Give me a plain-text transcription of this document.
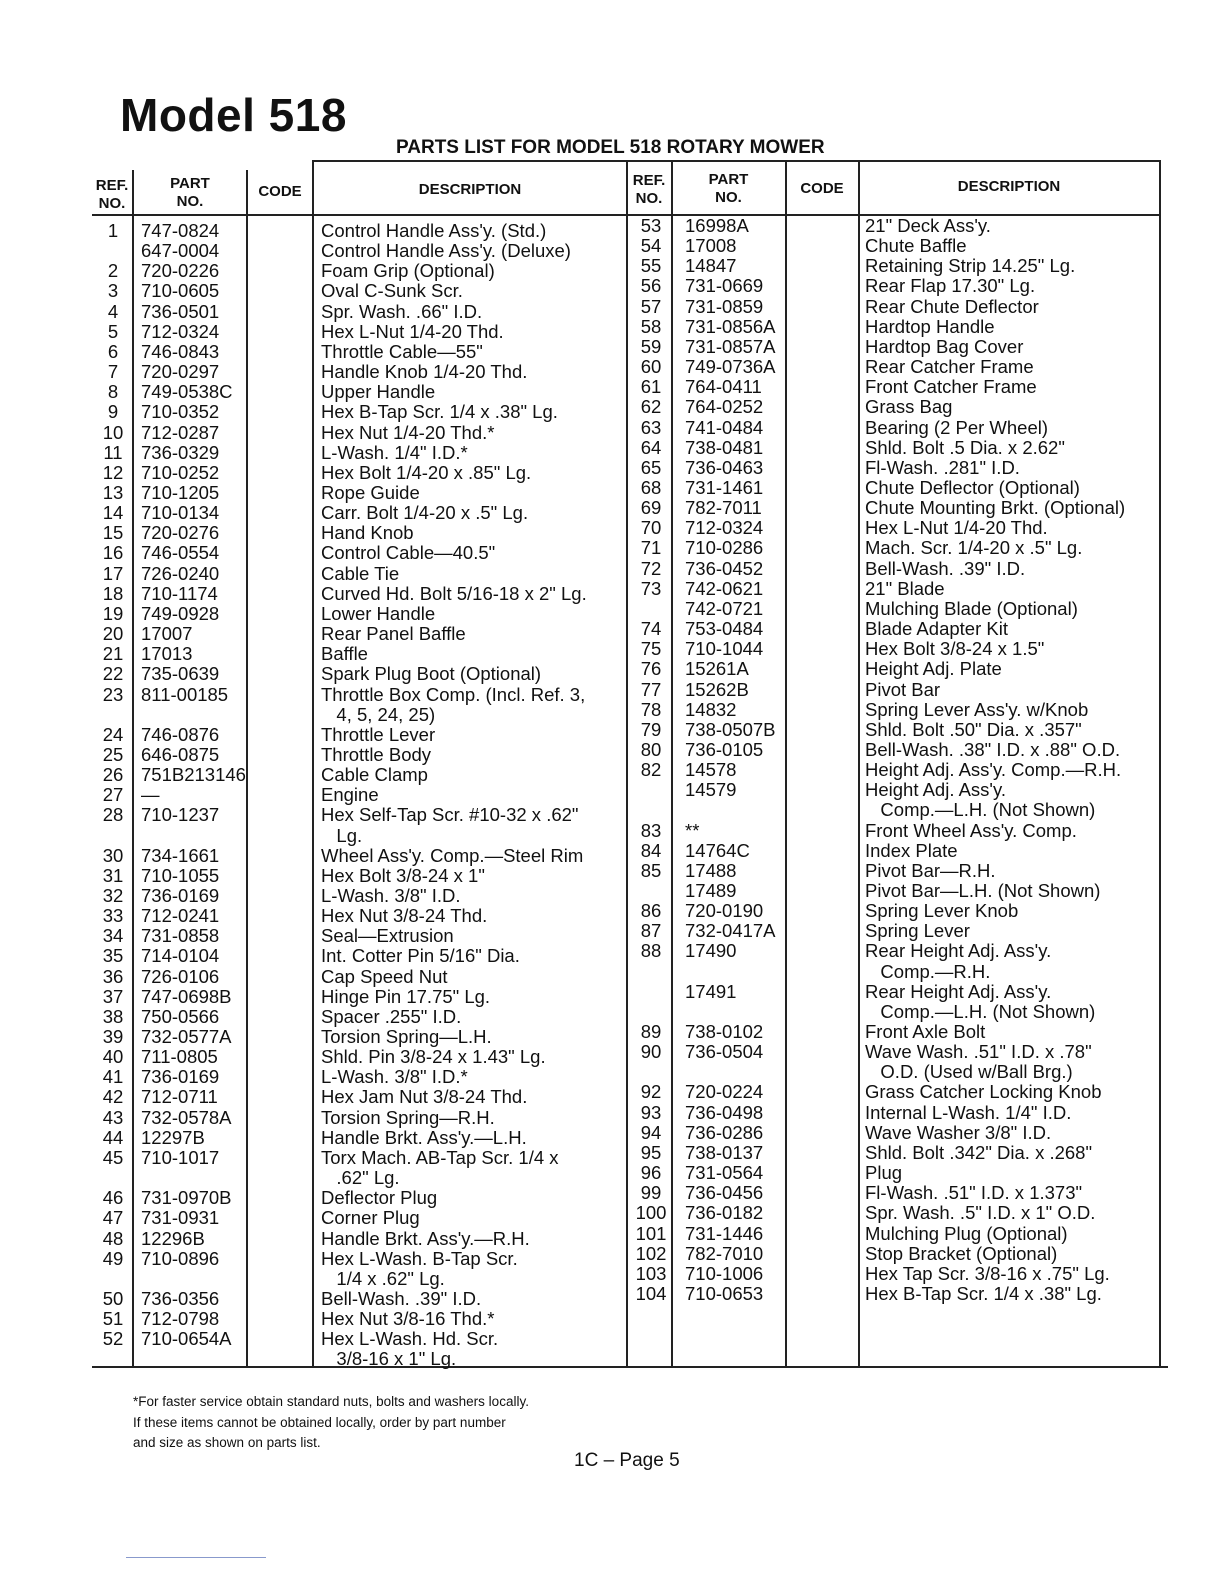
Model 518
PARTS LIST FOR MODEL 518 ROTARY MOWER
REF.
NO.
PART
NO.
CODE	DESCRIPTION
REF.
NO.
PART
NO.
CODE	DESCRIPTION
1	747-0824	Control Handle Ass'y. (Std.)
647-0004	Control Handle Ass'y. (Deluxe)
2	720-0226	Foam Grip (Optional)
3	710-0605	Oval C-Sunk Scr.
4	736-0501	Spr. Wash. .66" I.D.
5	712-0324	Hex L-Nut 1/4-20 Thd.
6	746-0843	Throttle Cable—55"
7	720-0297	Handle Knob 1/4-20 Thd.
8	749-0538C	Upper Handle
9	710-0352	Hex B-Tap Scr. 1/4 x .38" Lg.
10 712-0287	Hex Nut 1/4-20 Thd.*
11 736-0329	L-Wash. 1/4" I.D.*
12 710-0252	Hex Bolt 1/4-20 x .85" Lg.
13 710-1205	Rope Guide
14 710-0134	Carr. Bolt 1/4-20 x .5" Lg.
15 720-0276	Hand Knob
16 746-0554	Control Cable—40.5"
17 726-0240	Cable Tie
18 710-1174	Curved Hd. Bolt 5/16-18 x 2" Lg.
19 749-0928	Lower Handle
20 17007	Rear Panel Baffle
21 17013	Baffle
22 735-0639	Spark Plug Boot (Optional)
23 811-00185	Throttle Box Comp. (Incl. Ref. 3,
4, 5, 24, 25)
24 746-0876	Throttle Lever
25 646-0875	Throttle Body
26 751B213146	Cable Clamp
27 —	Engine
28 710-1237	Hex Self-Tap Scr. #10-32 x .62"
Lg.
30 734-1661	Wheel Ass'y. Comp.—Steel Rim
31 710-1055	Hex Bolt 3/8-24 x 1"
32 736-0169	L-Wash. 3/8" I.D.
33 712-0241	Hex Nut 3/8-24 Thd.
34 731-0858	Seal—Extrusion
35 714-0104	Int. Cotter Pin 5/16" Dia.
36 726-0106	Cap Speed Nut
37 747-0698B	Hinge Pin 17.75" Lg.
38 750-0566	Spacer .255" I.D.
39 732-0577A	Torsion Spring—L.H.
40 711-0805	Shld. Pin 3/8-24 x 1.43" Lg.
41 736-0169	L-Wash. 3/8" I.D.*
42 712-0711	Hex Jam Nut 3/8-24 Thd.
43 732-0578A	Torsion Spring—R.H.
44 12297B	Handle Brkt. Ass'y.—L.H.
45 710-1017	Torx Mach. AB-Tap Scr. 1/4 x
.62" Lg.
46 731-0970B	Deflector Plug
47 731-0931	Corner Plug
48 12296B	Handle Brkt. Ass'y.—R.H.
49 710-0896	Hex L-Wash. B-Tap Scr.
1/4 x .62" Lg.
50 736-0356	Bell-Wash. .39" I.D.
51 712-0798	Hex Nut 3/8-16 Thd.*
52 710-0654A	Hex L-Wash. Hd. Scr.
3/8-16 x 1" Lg.
53	16998A	21" Deck Ass'y.
54	17008	Chute Baffle
55	14847	Retaining Strip 14.25" Lg.
56	731-0669	Rear Flap 17.30" Lg.
57	731-0859	Rear Chute Deflector
58	731-0856A	Hardtop Handle
59	731-0857A	Hardtop Bag Cover
60	749-0736A	Rear Catcher Frame
61	764-0411	Front Catcher Frame
62	764-0252	Grass Bag
63	741-0484	Bearing (2 Per Wheel)
64	738-0481	Shld. Bolt .5 Dia. x 2.62"
65	736-0463	Fl-Wash. .281" I.D.
68	731-1461	Chute Deflector (Optional)
69	782-7011	Chute Mounting Brkt. (Optional)
70	712-0324	Hex L-Nut 1/4-20 Thd.
71	710-0286	Mach. Scr. 1/4-20 x .5" Lg.
72	736-0452	Bell-Wash. .39" I.D.
73	742-0621	21" Blade
742-0721	Mulching Blade (Optional)
74	753-0484	Blade Adapter Kit
75	710-1044	Hex Bolt 3/8-24 x 1.5"
76	15261A	Height Adj. Plate
77	15262B	Pivot Bar
78	14832	Spring Lever Ass'y. w/Knob
79	738-0507B	Shld. Bolt .50" Dia. x .357"
80	736-0105	Bell-Wash. .38" I.D. x .88" O.D.
82	14578	Height Adj. Ass'y. Comp.—R.H.
14579	Height Adj. Ass'y.
Comp.—L.H. (Not Shown)
83	**	Front Wheel Ass'y. Comp.
84	14764C	Index Plate
85	17488	Pivot Bar—R.H.
17489	Pivot Bar—L.H. (Not Shown)
86	720-0190	Spring Lever Knob
87	732-0417A	Spring Lever
88	17490	Rear Height Adj. Ass'y.
Comp.—R.H.
17491	Rear Height Adj. Ass'y.
Comp.—L.H. (Not Shown)
89	738-0102	Front Axle Bolt
90	736-0504	Wave Wash. .51" I.D. x .78"
O.D. (Used w/Ball Brg.)
92	720-0224	Grass Catcher Locking Knob
93	736-0498	Internal L-Wash. 1/4" I.D.
94	736-0286	Wave Washer 3/8" I.D.
95	738-0137	Shld. Bolt .342" Dia. x .268"
96	731-0564	Plug
99	736-0456	Fl-Wash. .51" I.D. x 1.373"
100	736-0182	Spr. Wash. .5" I.D. x 1" O.D.
101	731-1446	Mulching Plug (Optional)
102	782-7010	Stop Bracket (Optional)
103	710-1006	Hex Tap Scr. 3/8-16 x .75" Lg.
104	710-0653	Hex B-Tap Scr. 1/4 x .38" Lg.
*For faster service obtain standard nuts, bolts and washers locally.
If these items cannot be obtained locally, order by part number
and size as shown on parts list.
1C – Page 5
